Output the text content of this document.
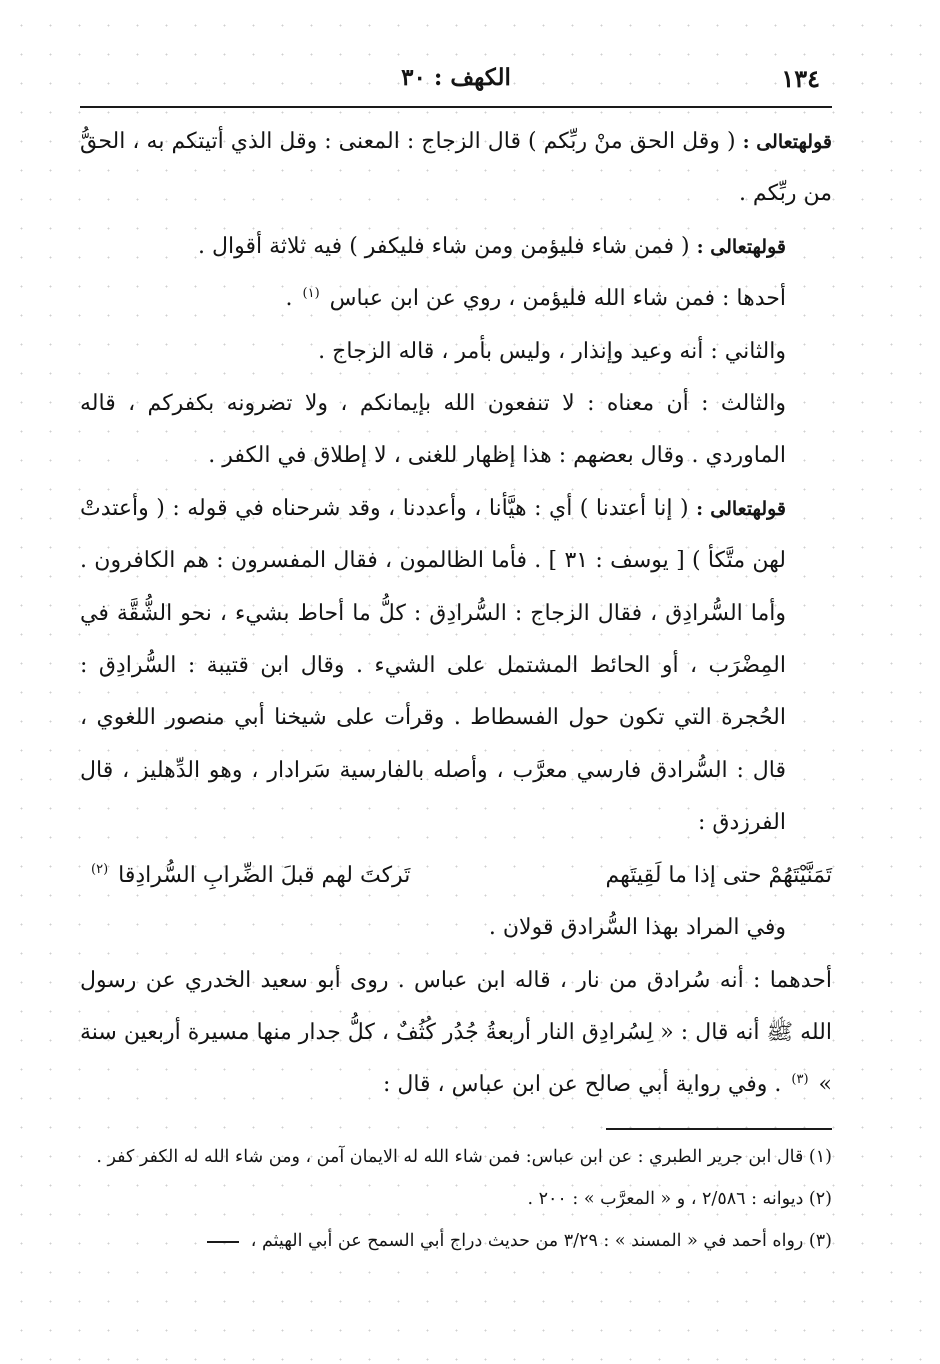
١٣٤
الكهف : ٣٠

قولهتعالى : ( وقل الحق منْ ربِّكم ) قال الزجاج : المعنى : وقل الذي أتيتكم به ، الحقُّ من ربِّكم .

قولهتعالى : ( فمن شاء فليؤمن ومن شاء فليكفر ) فيه ثلاثة أقوال .

أحدها : فمن شاء الله فليؤمن ، روي عن ابن عباس $^{(١)}$ .

والثاني : أنه وعيد وإنذار ، وليس بأمر ، قاله الزجاج .

والثالث : أن معناه : لا تنفعون الله بإيمانكم ، ولا تضرونه بكفركم ، قاله الماوردي . وقال بعضهم : هذا إظهار للغنى ، لا إطلاق في الكفر .

قولهتعالى : ( إنا أعتدنا ) أي : هيَّأنا ، وأعددنا ، وقد شرحناه في قوله : ( وأعتدتْ لهن متَّكأ ) [ يوسف : ٣١ ] . فأما الظالمون ، فقال المفسرون : هم الكافرون . وأما السُّرادِق ، فقال الزجاج : السُّرادِق : كلُّ ما أحاط بشيء ، نحو الشُّقَّة في المِضْرَب ، أو الحائط المشتمل على الشيء . وقال ابن قتيبة : السُّرادِق : الحُجرة التي تكون حول الفسطاط . وقرأت على شيخنا أبي منصور اللغوي ، قال : السُّرادق فارسي معرَّب ، وأصله بالفارسية سَرادار ، وهو الدِّهليز ، قال الفرزدق :

تَمَنَّيْتَهُمْ حتى إذا ما لَقِيتَهم
تَركتَ لهم قبلَ الضِّرابِ السُّرادِقا $^{(٢)}$

وفي المراد بهذا السُّرادق قولان .

أحدهما : أنه سُرادق من نار ، قاله ابن عباس . روى أبو سعيد الخدري عن رسول الله ﷺ أنه قال : « لِسُرادِق النار أربعةُ جُدُر كُثُفٌ ، كلُّ جدار منها مسيرة أربعين سنة » $^{(٣)}$ . وفي رواية أبي صالح عن ابن عباس ، قال :

(١) قال ابن جرير الطبري : عن ابن عباس: فمن شاء الله له الايمان آمن ، ومن شاء الله له الكفر كفر .

(٢) ديوانه : ٢/٥٨٦ ، و « المعرَّب » : ٢٠٠ .

(٣) رواه أحمد في « المسند » : ٣/٢٩ من حديث دراج أبي السمح عن أبي الهيثم ،
